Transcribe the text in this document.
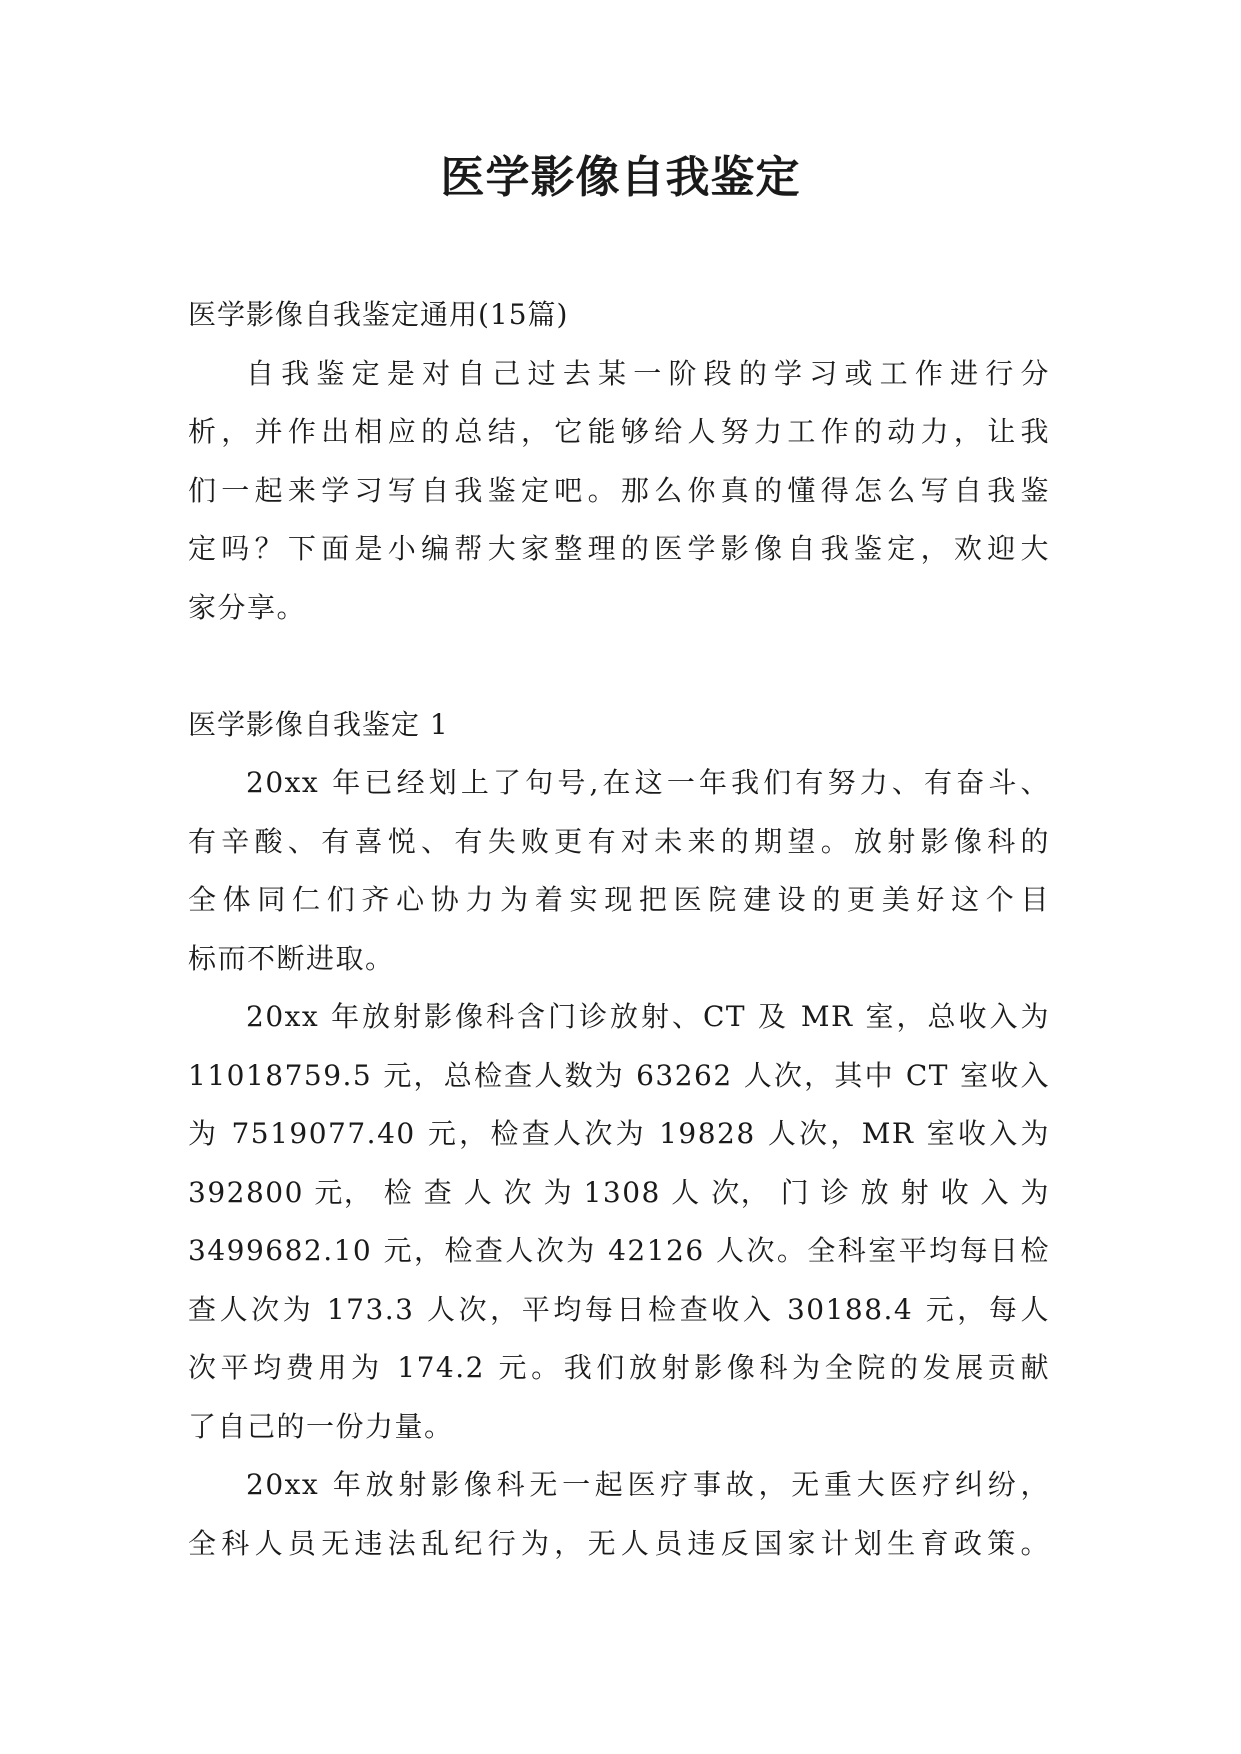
医学影像自我鉴定

医学影像自我鉴定通用(15篇)

自我鉴定是对自己过去某一阶段的学习或工作进行分

析，并作出相应的总结，它能够给人努力工作的动力，让我

们一起来学习写自我鉴定吧。那么你真的懂得怎么写自我鉴

定吗？下面是小编帮大家整理的医学影像自我鉴定，欢迎大

家分享。

医学影像自我鉴定 1

20xx 年已经划上了句号,在这一年我们有努力、有奋斗、

有辛酸、有喜悦、有失败更有对未来的期望。放射影像科的

全体同仁们齐心协力为着实现把医院建设的更美好这个目

标而不断进取。

20xx 年放射影像科含门诊放射、CT 及 MR 室，总收入为

11018759.5 元，总检查人数为 63262 人次，其中 CT 室收入

为 7519077.40 元，检查人次为 19828 人次，MR 室收入为

392800 元， 检 查 人 次 为 1308 人 次， 门 诊 放 射 收 入 为

3499682.10 元，检查人次为 42126 人次。全科室平均每日检

查人次为 173.3 人次，平均每日检查收入 30188.4 元，每人

次平均费用为 174.2 元。我们放射影像科为全院的发展贡献

了自己的一份力量。

20xx 年放射影像科无一起医疗事故，无重大医疗纠纷，

全科人员无违法乱纪行为，无人员违反国家计划生育政策。
